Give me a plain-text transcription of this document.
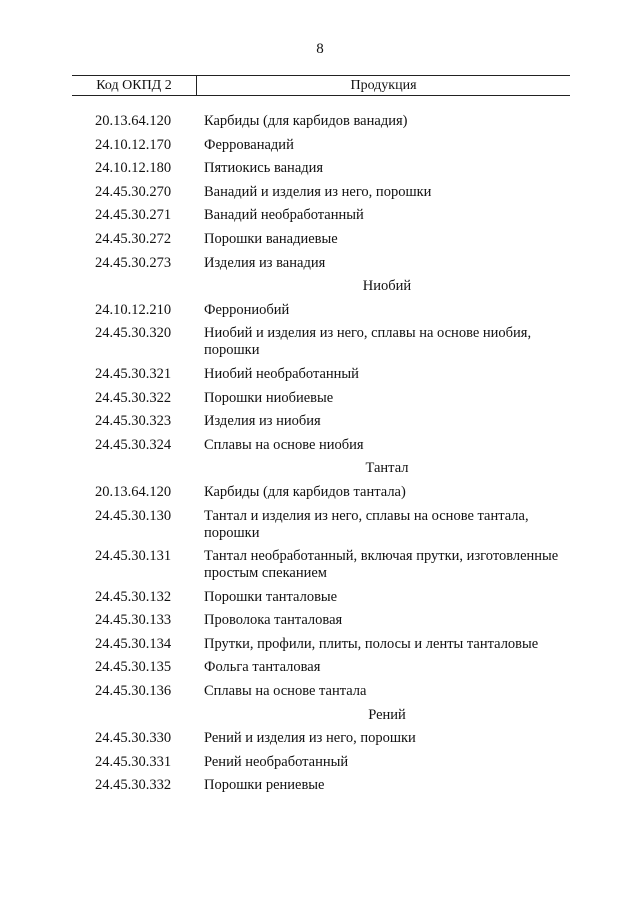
8
Код ОКПД 2	Продукция
20.13.64.120	Карбиды (для карбидов ванадия)
24.10.12.170	Феррованадий
24.10.12.180	Пятиокись ванадия
24.45.30.270	Ванадий и изделия из него, порошки
24.45.30.271	Ванадий необработанный
24.45.30.272	Порошки ванадиевые
24.45.30.273	Изделия из ванадия
Ниобий
24.10.12.210	Феррониобий
24.45.30.320	Ниобий и изделия из него, сплавы на основе ниобия, порошки
24.45.30.321	Ниобий необработанный
24.45.30.322	Порошки ниобиевые
24.45.30.323	Изделия из ниобия
24.45.30.324	Сплавы на основе ниобия
Тантал
20.13.64.120	Карбиды (для карбидов тантала)
24.45.30.130	Тантал и изделия из него, сплавы на основе тантала, порошки
24.45.30.131	Тантал необработанный, включая прутки, изготовленные простым спеканием
24.45.30.132	Порошки танталовые
24.45.30.133	Проволока танталовая
24.45.30.134	Прутки, профили, плиты, полосы и ленты танталовые
24.45.30.135	Фольга танталовая
24.45.30.136	Сплавы на основе тантала
Рений
24.45.30.330	Рений и изделия из него, порошки
24.45.30.331	Рений необработанный
24.45.30.332	Порошки рениевые
